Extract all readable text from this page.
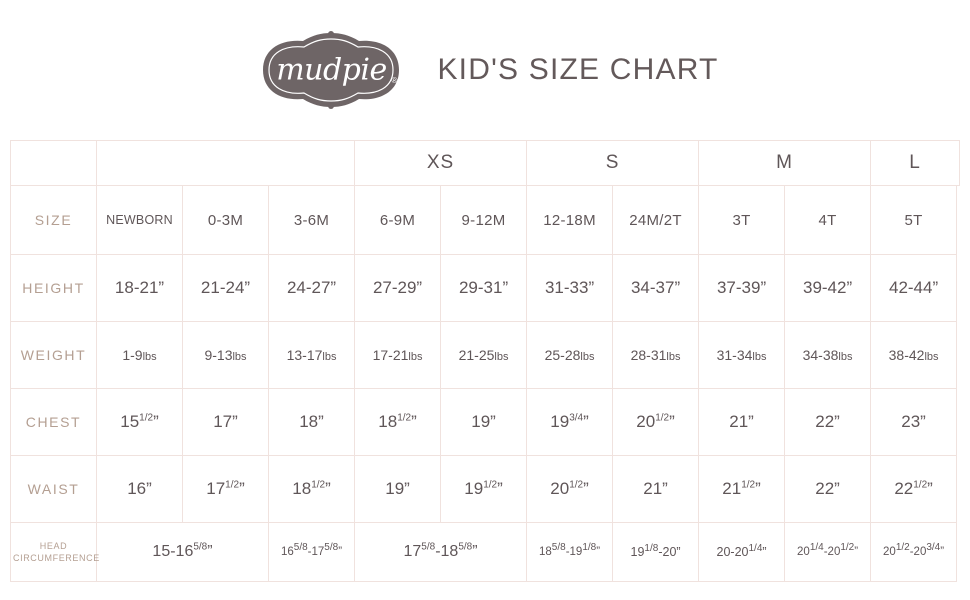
mudpie ® KID'S SIZE CHART
				XS		S		M		L
SIZE	NEWBORN	0-3M	3-6M	6-9M	9-12M	12-18M	24M/2T	3T	4T	5T
HEIGHT	18-21”	21-24”	24-27”	27-29”	29-31”	31-33”	34-37”	37-39”	39-42”	42-44”
WEIGHT	1-9lbs	9-13lbs	13-17lbs	17-21lbs	21-25lbs	25-28lbs	28-31lbs	31-34lbs	34-38lbs	38-42lbs
CHEST	$15^{1/2}$”	17”	18”	$18^{1/2}$”	19”	$19^{3/4}$”	$20^{1/2}$”	21”	22”	23”
WAIST	16”	$17^{1/2}$”	$18^{1/2}$”	19”	$19^{1/2}$”	$20^{1/2}$”	21”	$21^{1/2}$”	22”	$22^{1/2}$”
HEAD
CIRCUMFERENCE	$15-16^{5/8}$”		$16^{5/8}-17^{5/8}$”	$17^{5/8}-18^{5/8}$”		$18^{5/8}-19^{1/8}$”	$19^{1/8}-20$”	$20-20^{1/4}$”	$20^{1/4}-20^{1/2}$”	$20^{1/2}-20^{3/4}$”
